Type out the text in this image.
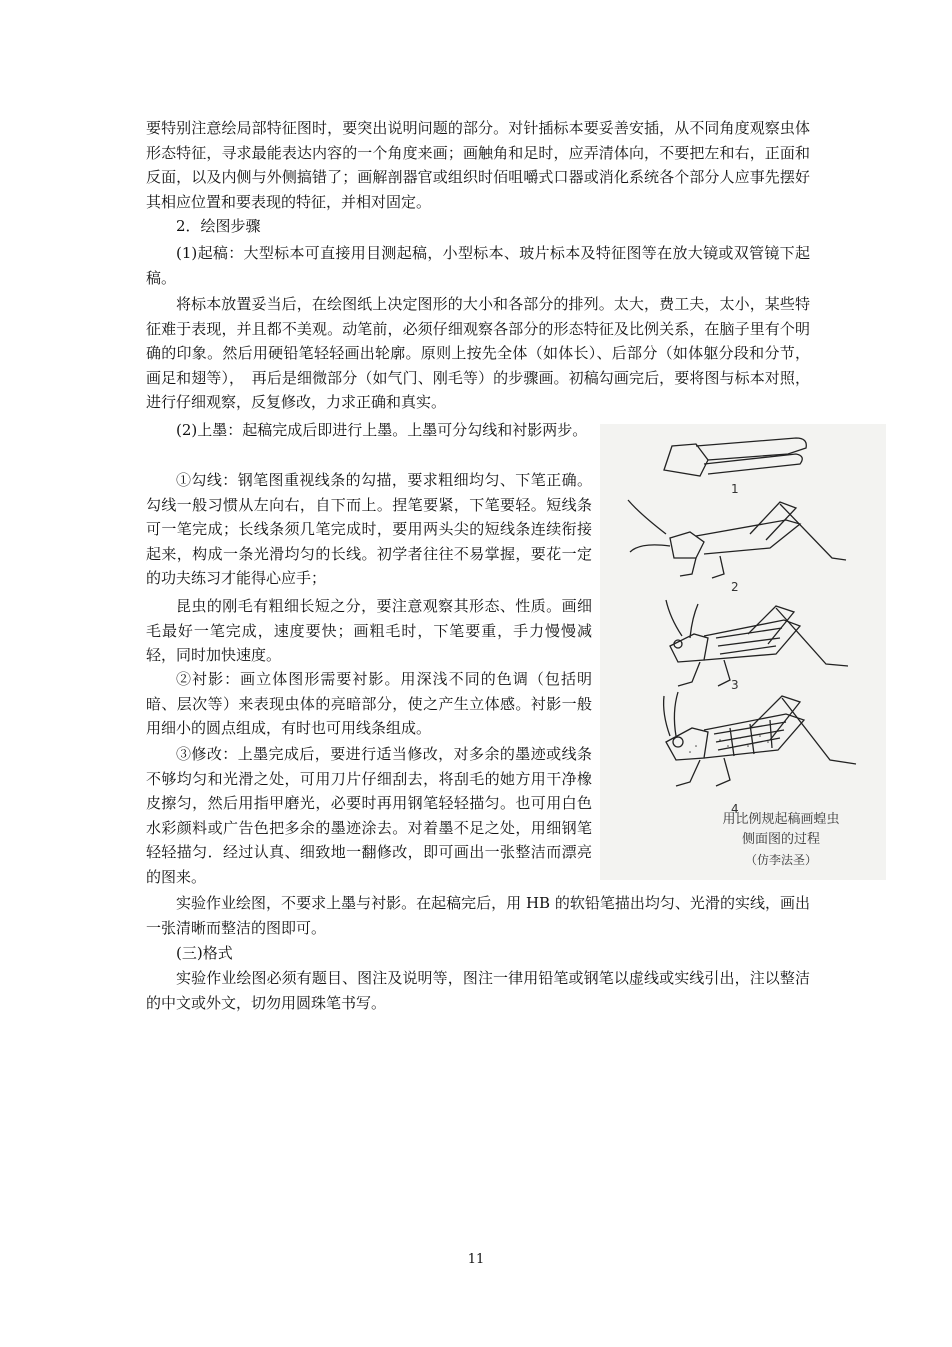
要特别注意绘局部特征图时，要突出说明问题的部分。对针插标本要妥善安插，从不同角度观察虫体形态特征，寻求最能表达内容的一个角度来画；画触角和足时，应弄清体向，不要把左和右，正面和反面，以及内侧与外侧搞错了；画解剖器官或组织时佰咀嚼式口器或消化系统各个部分人应事先摆好其相应位置和要表现的特征，并相对固定。

2．绘图步骤

(1)起稿：大型标本可直接用目测起稿，小型标本、玻片标本及特征图等在放大镜或双管镜下起稿。

将标本放置妥当后，在绘图纸上决定图形的大小和各部分的排列。太大，费工夫，太小，某些特征难于表现，并且都不美观。动笔前，必须仔细观察各部分的形态特征及比例关系，在脑子里有个明确的印象。然后用硬铅笔轻轻画出轮廓。原则上按先全体（如体长）、后部分（如体躯分段和分节，画足和翅等），　再后是细微部分（如气门、刚毛等）的步骤画。初稿勾画完后，要将图与标本对照，进行仔细观察，反复修改，力求正确和真实。

(2)上墨：起稿完成后即进行上墨。上墨可分勾线和衬影两步。

①勾线：钢笔图重视线条的勾描，要求粗细均匀、下笔正确。勾线一般习惯从左向右，自下而上。捏笔要紧，下笔要轻。短线条可一笔完成；长线条须几笔完成时，要用两头尖的短线条连续衔接起来，构成一条光滑均匀的长线。初学者往往不易掌握，要花一定的功夫练习才能得心应手；

昆虫的刚毛有粗细长短之分，要注意观察其形态、性质。画细毛最好一笔完成，速度要快；画粗毛时，下笔要重，手力慢慢减轻，同时加快速度。

②衬影：画立体图形需要衬影。用深浅不同的色调（包括明暗、层次等）来表现虫体的亮暗部分，使之产生立体感。衬影一般用细小的圆点组成，有时也可用线条组成。

③修改：上墨完成后，要进行适当修改，对多余的墨迹或线条不够均匀和光滑之处，可用刀片仔细刮去，将刮毛的她方用干净橡皮擦匀，然后用指甲磨光，必要时再用钢笔轻轻描匀。也可用白色水彩颜料或广告色把多余的墨迹涂去。对着墨不足之处，用细钢笔轻轻描匀．经过认真、细致地一翻修改，即可画出一张整洁而漂亮的图来。

实验作业绘图，不要求上墨与衬影。在起稿完后，用 HB 的软铅笔描出均匀、光滑的实线，画出一张清晰而整洁的图即可。

(三)格式

实验作业绘图必须有题目、图注及说明等，图注一律用铅笔或钢笔以虚线或实线引出，注以整洁的中文或外文，切勿用圆珠笔书写。

1
2
3
4
用比例规起稿画蝗虫
侧面图的过程
（仿李法圣）
11
